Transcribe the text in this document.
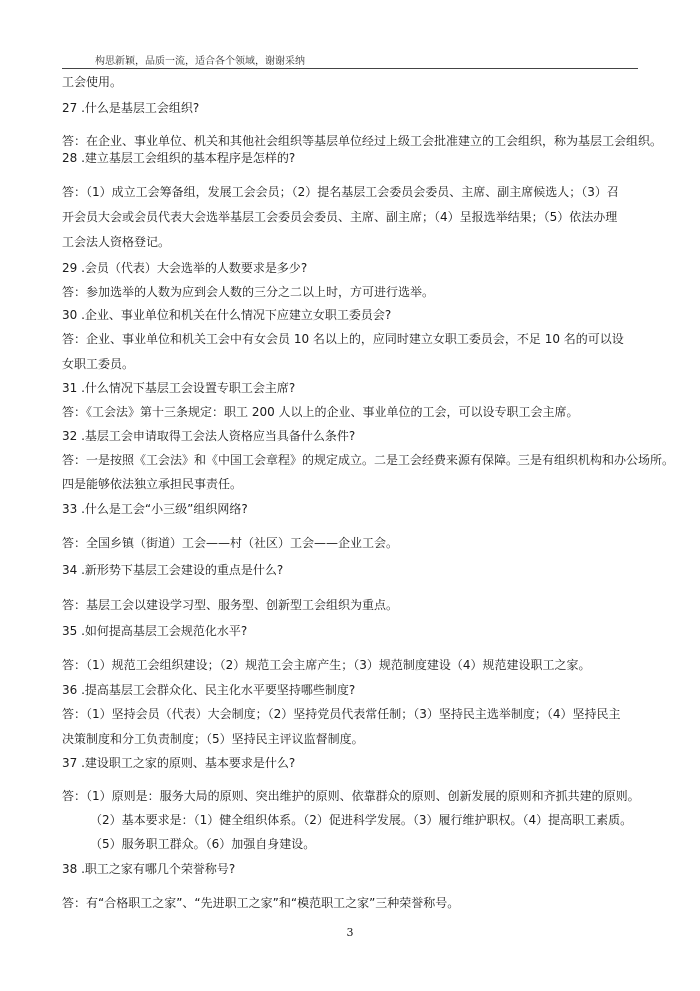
构思新颖，品质一流，适合各个领域，谢谢采纳
工会使用。
27 .什么是基层工会组织?
答：在企业、事业单位、机关和其他社会组织等基层单位经过上级工会批准建立的工会组织，称为基层工会组织。
28 .建立基层工会组织的基本程序是怎样的?
答：（1）成立工会筹备组，发展工会会员；（2）提名基层工会委员会委员、主席、副主席候选人；（3）召
开会员大会或会员代表大会选举基层工会委员会委员、主席、副主席；（4）呈报选举结果；（5）依法办理
工会法人资格登记。
29 .会员（代表）大会选举的人数要求是多少?
答：参加选举的人数为应到会人数的三分之二以上时，方可进行选举。
30 .企业、事业单位和机关在什么情况下应建立女职工委员会?
答：企业、事业单位和机关工会中有女会员 10 名以上的，应同时建立女职工委员会，不足 10 名的可以设
女职工委员。
31 .什么情况下基层工会设置专职工会主席?
答：《工会法》第十三条规定：职工 200 人以上的企业、事业单位的工会，可以设专职工会主席。
32 .基层工会申请取得工会法人资格应当具备什么条件?
答：一是按照《工会法》和《中国工会章程》的规定成立。二是工会经费来源有保障。三是有组织机构和办公场所。
四是能够依法独立承担民事责任。
33 .什么是工会“小三级”组织网络?
答：全国乡镇（街道）工会——村（社区）工会——企业工会。
34 .新形势下基层工会建设的重点是什么?
答：基层工会以建设学习型、服务型、创新型工会组织为重点。
35 .如何提高基层工会规范化水平?
答：（1）规范工会组织建设；（2）规范工会主席产生；（3）规范制度建设（4）规范建设职工之家。
36 .提高基层工会群众化、民主化水平要坚持哪些制度?
答：（1）坚持会员（代表）大会制度；（2）坚持党员代表常任制；（3）坚持民主选举制度；（4）坚持民主
决策制度和分工负责制度；（5）坚持民主评议监督制度。
37 .建设职工之家的原则、基本要求是什么?
答：（1）原则是：服务大局的原则、突出维护的原则、依靠群众的原则、创新发展的原则和齐抓共建的原则。
（2）基本要求是：（1）健全组织体系。（2）促进科学发展。（3）履行维护职权。（4）提高职工素质。
（5）服务职工群众。（6）加强自身建设。
38 .职工之家有哪几个荣誉称号?
答：有“合格职工之家”、“先进职工之家”和“模范职工之家”三种荣誉称号。
3
